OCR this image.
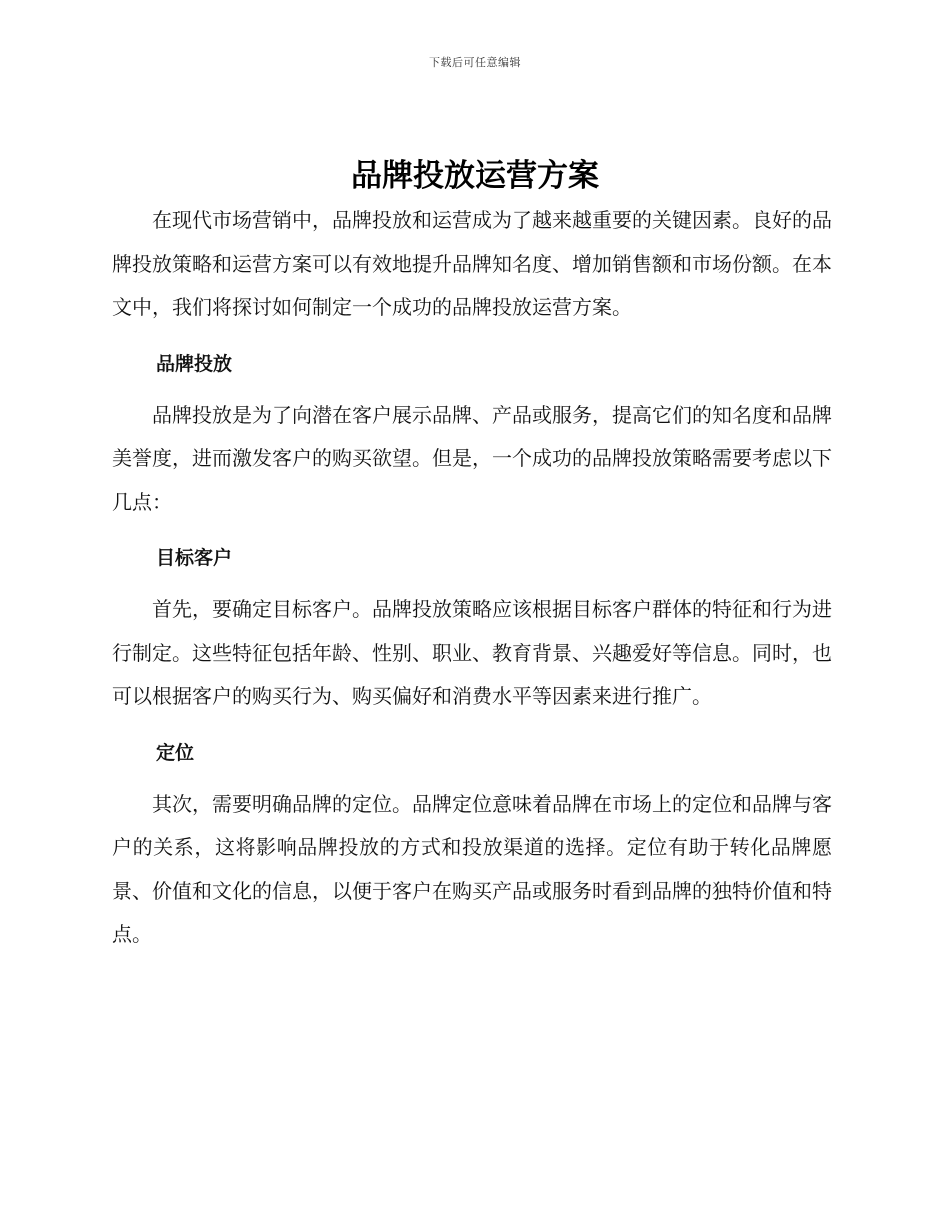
下载后可任意编辑
品牌投放运营方案

在现代市场营销中，品牌投放和运营成为了越来越重要的关键因素。良好的品牌投放策略和运营方案可以有效地提升品牌知名度、增加销售额和市场份额。在本文中，我们将探讨如何制定一个成功的品牌投放运营方案。

品牌投放

品牌投放是为了向潜在客户展示品牌、产品或服务，提高它们的知名度和品牌美誉度，进而激发客户的购买欲望。但是，一个成功的品牌投放策略需要考虑以下几点：

目标客户

首先，要确定目标客户。品牌投放策略应该根据目标客户群体的特征和行为进行制定。这些特征包括年龄、性别、职业、教育背景、兴趣爱好等信息。同时，也可以根据客户的购买行为、购买偏好和消费水平等因素来进行推广。

定位

其次，需要明确品牌的定位。品牌定位意味着品牌在市场上的定位和品牌与客户的关系，这将影响品牌投放的方式和投放渠道的选择。定位有助于转化品牌愿景、价值和文化的信息，以便于客户在购买产品或服务时看到品牌的独特价值和特点。
